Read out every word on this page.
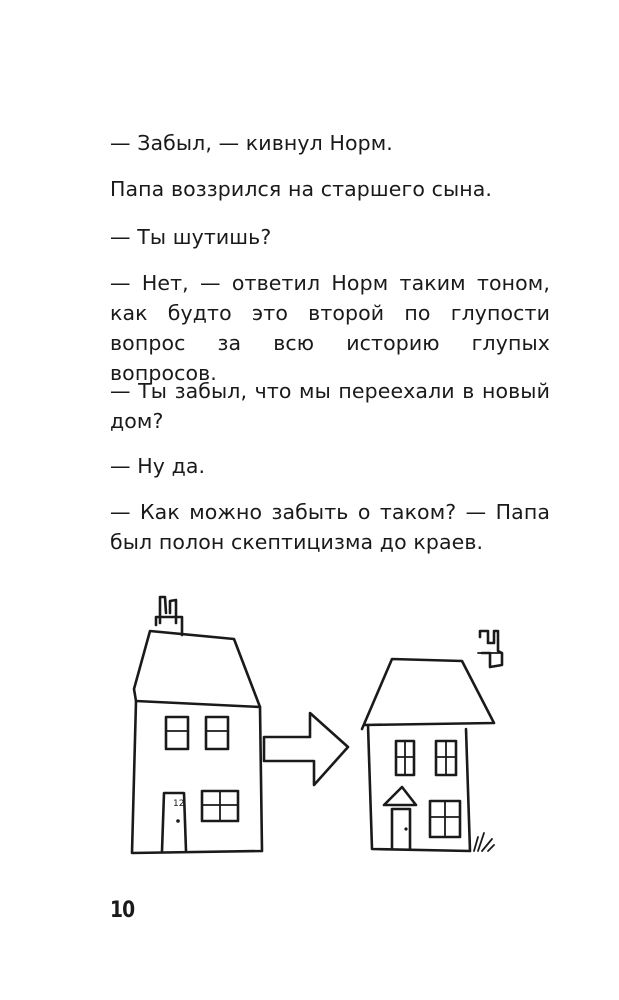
— Забыл, — кивнул Норм.

Папа воззрился на старшего сына.

— Ты шутишь?

— Нет, — ответил Норм таким тоном, как будто это второй по глупости вопрос за всю историю глупых вопросов.

— Ты забыл, что мы переехали в новый дом?

— Ну да.

— Как можно забыть о таком? — Папа был полон скептицизма до краев.

12
10
